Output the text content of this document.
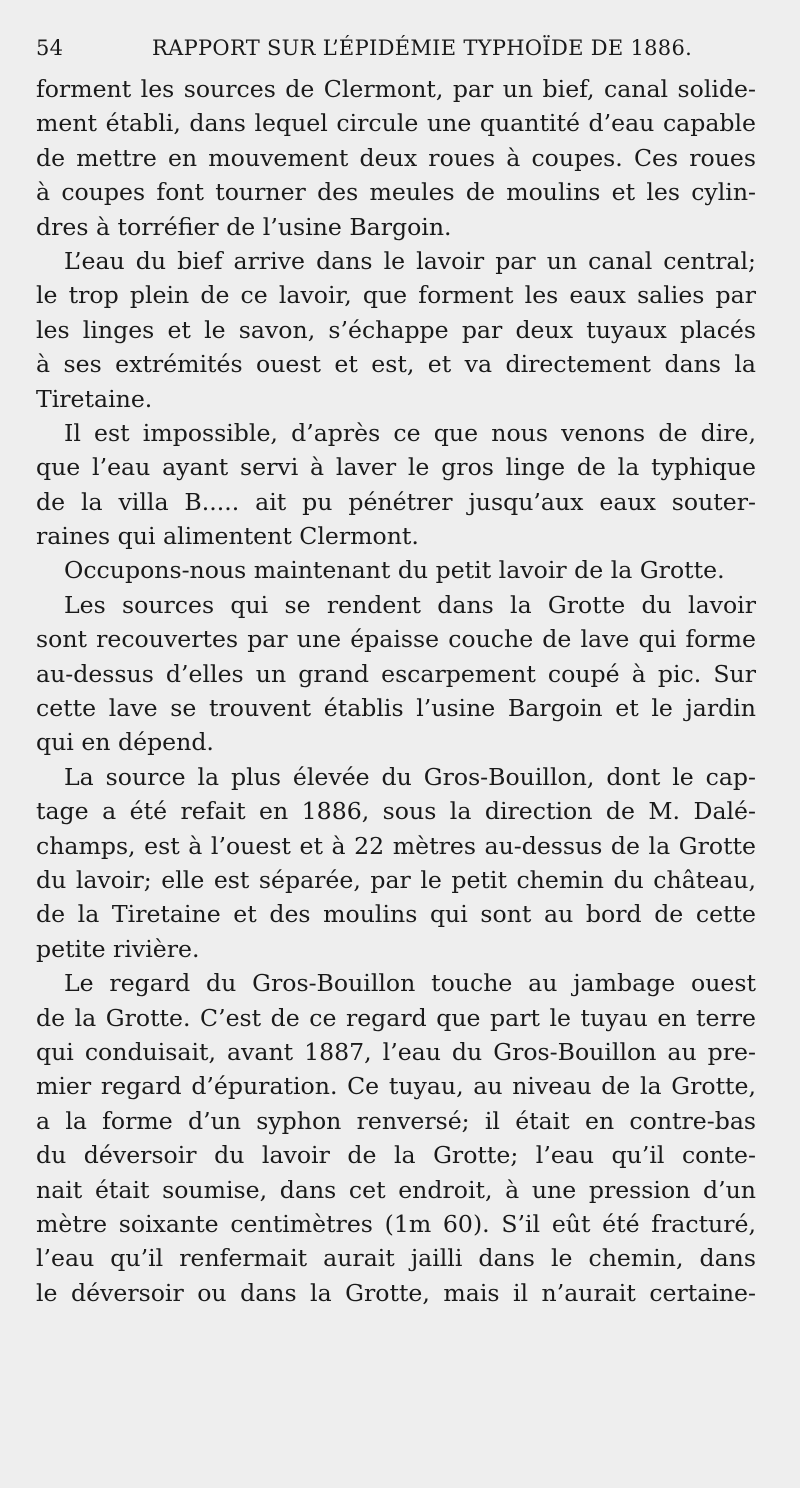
54	RAPPORT SUR L’ÉPIDÉMIE TYPHOÏDE DE 1886.
forment les sources de Clermont, par un bief, canal solide-
ment établi, dans lequel circule une quantité d’eau capable
de mettre en mouvement deux roues à coupes. Ces roues
à coupes font tourner des meules de moulins et les cylin-
dres à torréfier de l’usine Bargoin.
L’eau du bief arrive dans le lavoir par un canal central;
le trop plein de ce lavoir, que forment les eaux salies par
les linges et le savon, s’échappe par deux tuyaux placés
à ses extrémités ouest et est, et va directement dans la
Tiretaine.
Il est impossible, d’après ce que nous venons de dire,
que l’eau ayant servi à laver le gros linge de la typhique
de la villa B..... ait pu pénétrer jusqu’aux eaux souter-
raines qui alimentent Clermont.
Occupons-nous maintenant du petit lavoir de la Grotte.
Les sources qui se rendent dans la Grotte du lavoir
sont recouvertes par une épaisse couche de lave qui forme
au-dessus d’elles un grand escarpement coupé à pic. Sur
cette lave se trouvent établis l’usine Bargoin et le jardin
qui en dépend.
La source la plus élevée du Gros-Bouillon, dont le cap-
tage a été refait en 1886, sous la direction de M. Dalé-
champs, est à l’ouest et à 22 mètres au-dessus de la Grotte
du lavoir; elle est séparée, par le petit chemin du château,
de la Tiretaine et des moulins qui sont au bord de cette
petite rivière.
Le regard du Gros-Bouillon touche au jambage ouest
de la Grotte. C’est de ce regard que part le tuyau en terre
qui conduisait, avant 1887, l’eau du Gros-Bouillon au pre-
mier regard d’épuration. Ce tuyau, au niveau de la Grotte,
a la forme d’un syphon renversé; il était en contre-bas
du déversoir du lavoir de la Grotte; l’eau qu’il conte-
nait était soumise, dans cet endroit, à une pression d’un
mètre soixante centimètres (1m 60). S’il eût été fracturé,
l’eau qu’il renfermait aurait jailli dans le chemin, dans
le déversoir ou dans la Grotte, mais il n’aurait certaine-
